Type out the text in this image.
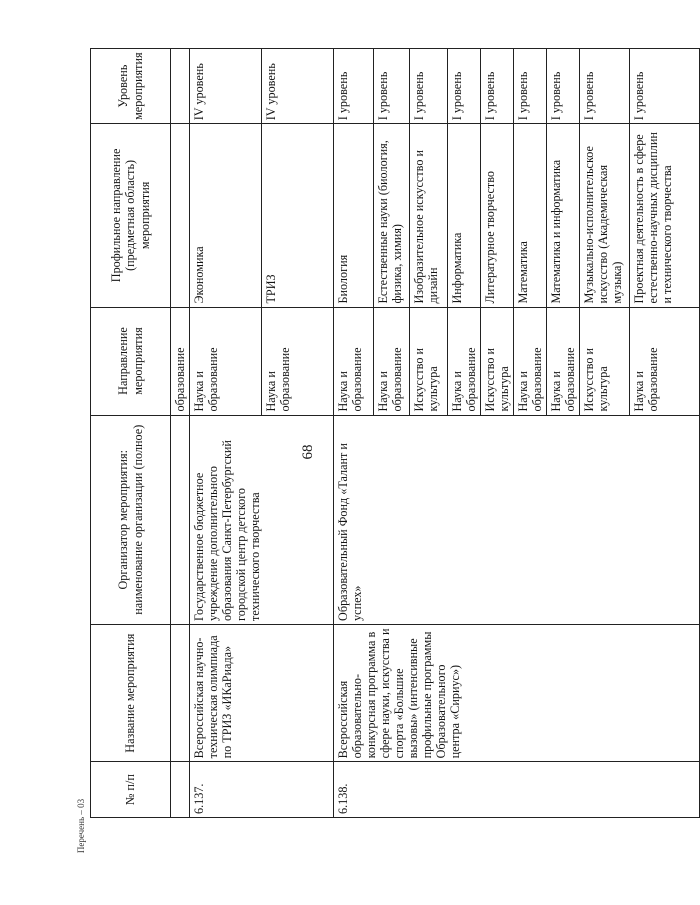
68
№ п/п	Название мероприятия	Организатор мероприятия: наименование организации (полное)	Направление мероприятия	Профильное направление (предметная область) мероприятия	Уровень мероприятия
			образование		
6.137.	Всероссийская научно-техническая олимпиада по ТРИЗ «ИКаРиада»	Государственное бюджетное учреждение дополнительного образования Санкт-Петербургский городской центр детского технического творчества	Наука и образование	Экономика	IV уровень
			Наука и образование	ТРИЗ	IV уровень
6.138.	Всероссийская образовательно-конкурсная программа в сфере науки, искусства и спорта «Большие вызовы» (интенсивные профильные программы Образовательного центра «Сириус»)	Образовательный Фонд «Талант и успех»	Наука и образование	Биология	I уровень
			Наука и образование	Естественные науки (биология, физика, химия)	I уровень
			Искусство и культура	Изобразительное искусство и дизайн	I уровень
			Наука и образование	Информатика	I уровень
			Искусство и культура	Литературное творчество	I уровень
			Наука и образование	Математика	I уровень
			Наука и образование	Математика и информатика	I уровень
			Искусство и культура	Музыкально-исполнительское искусство (Академическая музыка)	I уровень
			Наука и образование	Проектная деятельность в сфере естественно-научных дисциплин и технического творчества	I уровень
Перечень – 03
